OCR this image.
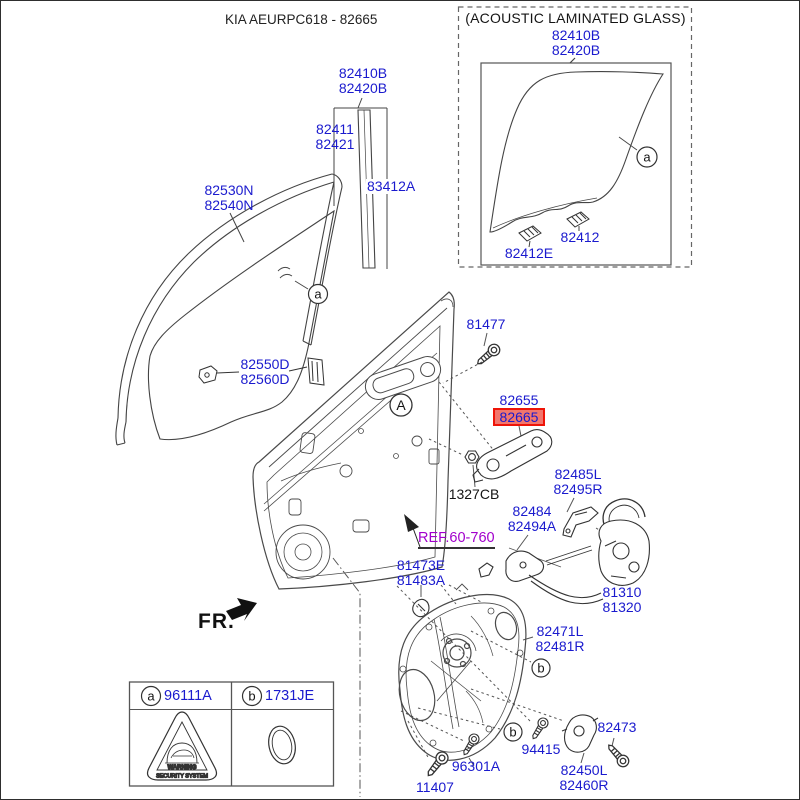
a
a
A
b
b
a	b
WARNING
SECURITY SYSTEM
KIA AEURPC618 - 82665	(ACOUSTIC LAMINATED GLASS)
82410B
82420B
82412E
82412
82410B
82420B
82411
82421
83412A
82530N
82540N
82550D
82560D
81477
82655
82665
1327CB
82485L
82495R
82484
82494A
REF.60-760
81473E
81483A
81310
81320
82471L
82481R
FR.
94415
96301A
11407
82473
82450L
82460R
96111A	1731JE
